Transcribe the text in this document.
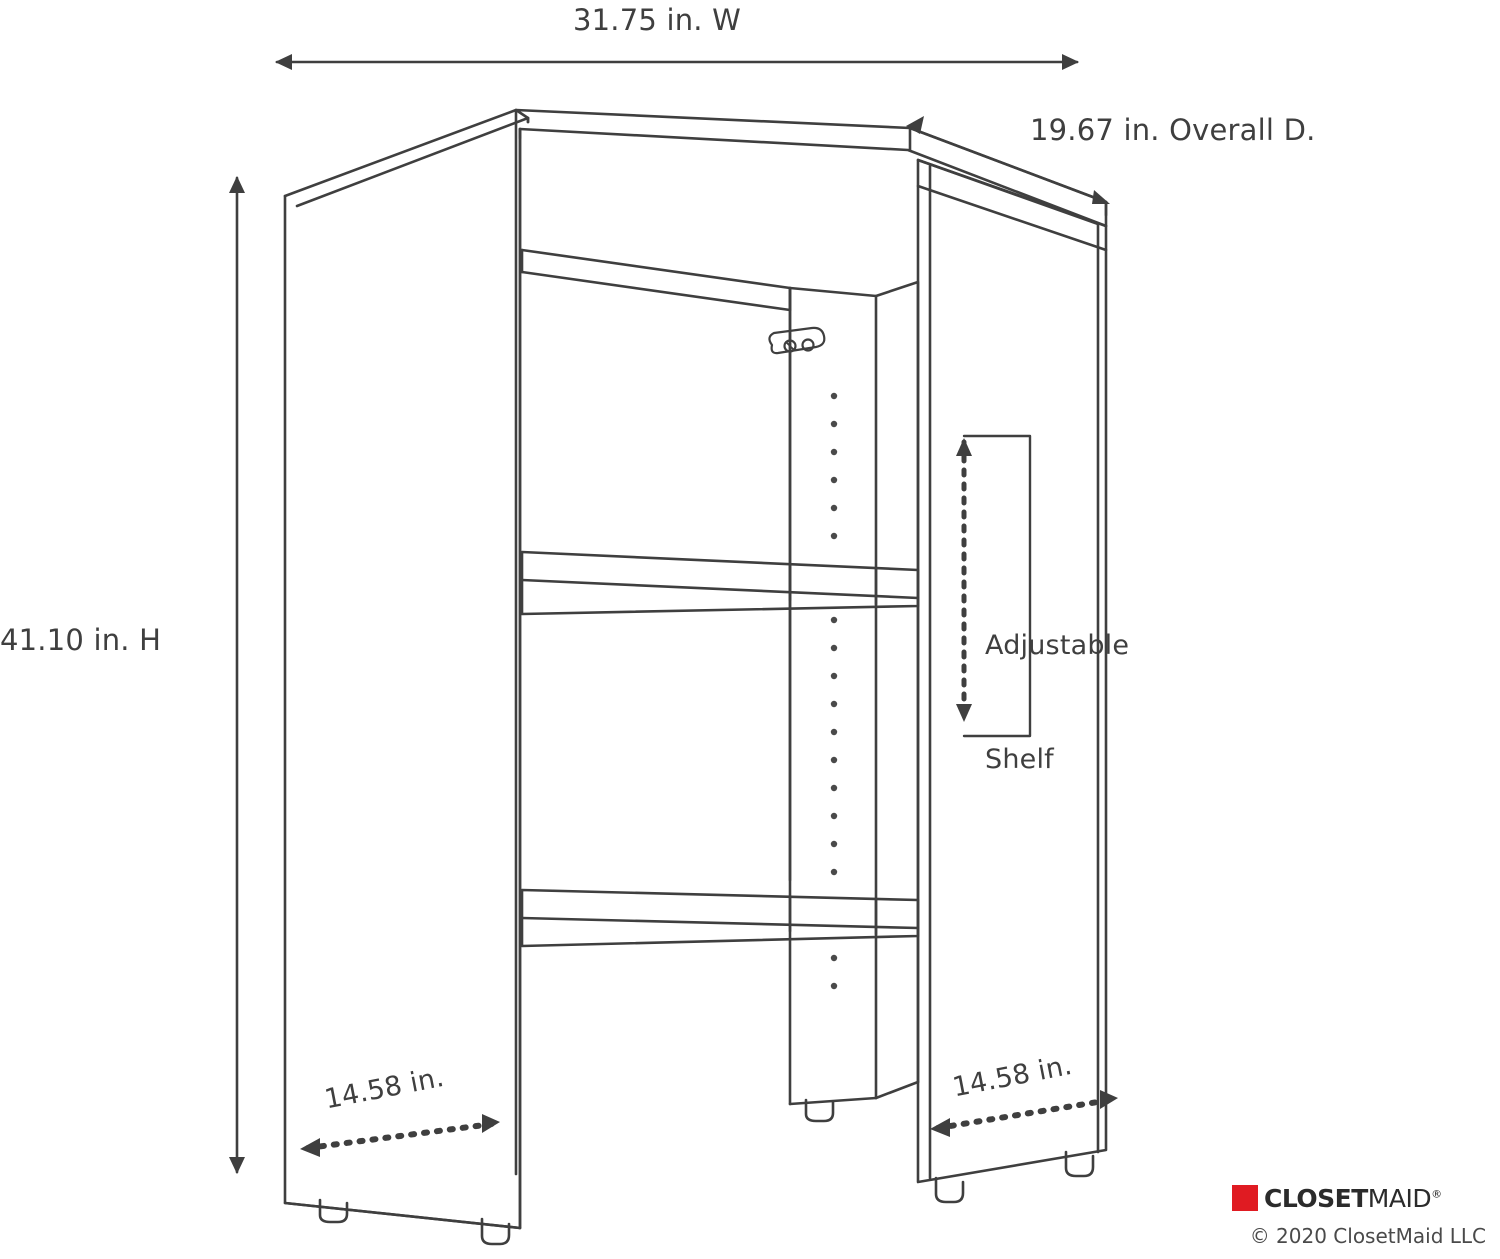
31.75 in. W
19.67 in. Overall D.
41.10 in. H

	Adjustable

Shelf

14.58 in.	14.58 in.
CLOSETMAID®
© 2020 ClosetMaid LLC
